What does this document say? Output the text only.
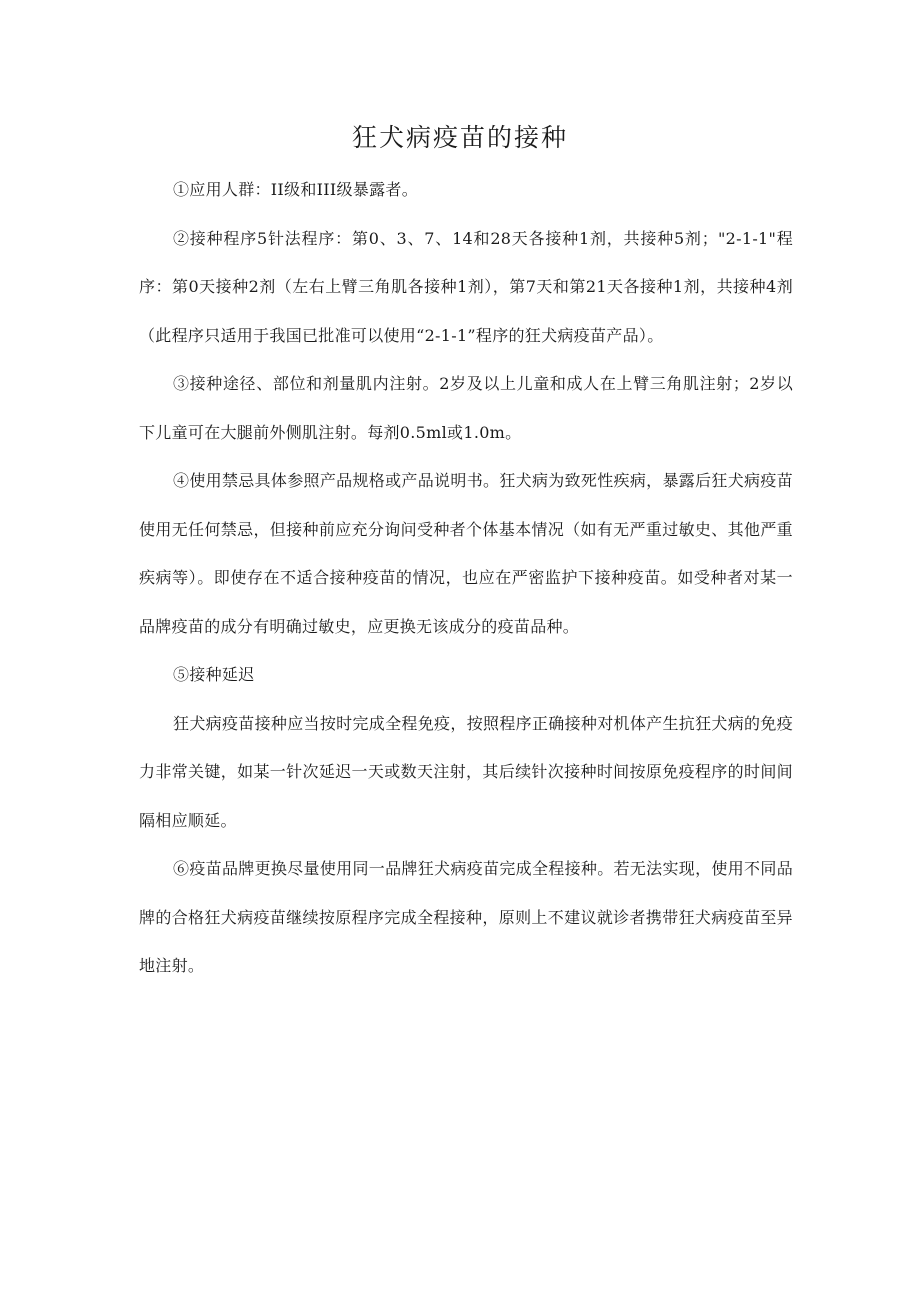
狂犬病疫苗的接种

①应用人群：II级和III级暴露者。

②接种程序5针法程序：第0、3、7、14和28天各接种1剂，共接种5剂；"2-1-1"程序：第0天接种2剂（左右上臂三角肌各接种1剂），第7天和第21天各接种1剂，共接种4剂（此程序只适用于我国已批准可以使用“2-1-1”程序的狂犬病疫苗产品）。

③接种途径、部位和剂量肌内注射。2岁及以上儿童和成人在上臂三角肌注射；2岁以下儿童可在大腿前外侧肌注射。每剂0.5ml或1.0m。

④使用禁忌具体参照产品规格或产品说明书。狂犬病为致死性疾病，暴露后狂犬病疫苗使用无任何禁忌，但接种前应充分询问受种者个体基本情况（如有无严重过敏史、其他严重疾病等）。即使存在不适合接种疫苗的情况，也应在严密监护下接种疫苗。如受种者对某一品牌疫苗的成分有明确过敏史，应更换无该成分的疫苗品种。

⑤接种延迟

狂犬病疫苗接种应当按时完成全程免疫，按照程序正确接种对机体产生抗狂犬病的免疫力非常关键，如某一针次延迟一天或数天注射，其后续针次接种时间按原免疫程序的时间间隔相应顺延。

⑥疫苗品牌更换尽量使用同一品牌狂犬病疫苗完成全程接种。若无法实现，使用不同品牌的合格狂犬病疫苗继续按原程序完成全程接种，原则上不建议就诊者携带狂犬病疫苗至异地注射。
